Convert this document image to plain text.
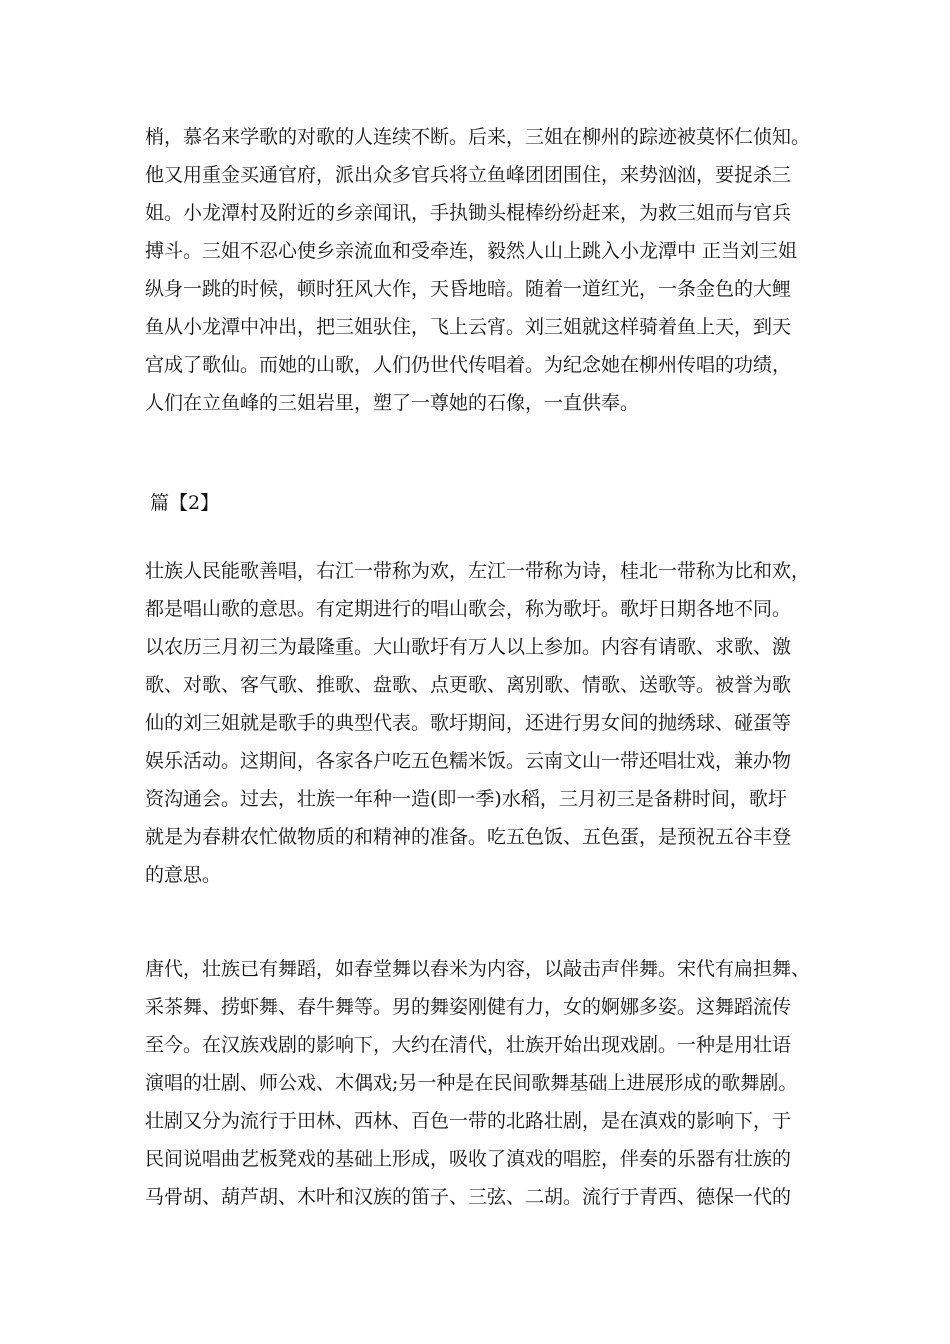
梢，慕名来学歌的对歌的人连续不断。后来，三姐在柳州的踪迹被莫怀仁侦知。
他又用重金买通官府，派出众多官兵将立鱼峰团团围住，来势汹汹，要捉杀三
姐。小龙潭村及附近的乡亲闻讯，手执锄头棍棒纷纷赶来，为救三姐而与官兵
搏斗。三姐不忍心使乡亲流血和受牵连，毅然人山上跳入小龙潭中 正当刘三姐
纵身一跳的时候，顿时狂风大作，天昏地暗。随着一道红光，一条金色的大鲤
鱼从小龙潭中冲出，把三姐驮住，飞上云宵。刘三姐就这样骑着鱼上天，到天
宫成了歌仙。而她的山歌，人们仍世代传唱着。为纪念她在柳州传唱的功绩，
人们在立鱼峰的三姐岩里，塑了一尊她的石像，一直供奉。
篇【2】
壮族人民能歌善唱，右江一带称为欢，左江一带称为诗，桂北一带称为比和欢，
都是唱山歌的意思。有定期进行的唱山歌会，称为歌圩。歌圩日期各地不同。
以农历三月初三为最隆重。大山歌圩有万人以上参加。内容有请歌、求歌、激
歌、对歌、客气歌、推歌、盘歌、点更歌、离别歌、情歌、送歌等。被誉为歌
仙的刘三姐就是歌手的典型代表。歌圩期间，还进行男女间的抛绣球、碰蛋等
娱乐活动。这期间，各家各户吃五色糯米饭。云南文山一带还唱壮戏，兼办物
资沟通会。过去，壮族一年种一造(即一季)水稻，三月初三是备耕时间，歌圩
就是为春耕农忙做物质的和精神的准备。吃五色饭、五色蛋，是预祝五谷丰登
的意思。
唐代，壮族已有舞蹈，如春堂舞以舂米为内容，以敲击声伴舞。宋代有扁担舞、
采茶舞、捞虾舞、春牛舞等。男的舞姿刚健有力，女的婀娜多姿。这舞蹈流传
至今。在汉族戏剧的影响下，大约在清代，壮族开始出现戏剧。一种是用壮语
演唱的壮剧、师公戏、木偶戏;另一种是在民间歌舞基础上进展形成的歌舞剧。
壮剧又分为流行于田林、西林、百色一带的北路壮剧，是在滇戏的影响下，于
民间说唱曲艺板凳戏的基础上形成，吸收了滇戏的唱腔，伴奏的乐器有壮族的
马骨胡、葫芦胡、木叶和汉族的笛子、三弦、二胡。流行于青西、德保一代的
